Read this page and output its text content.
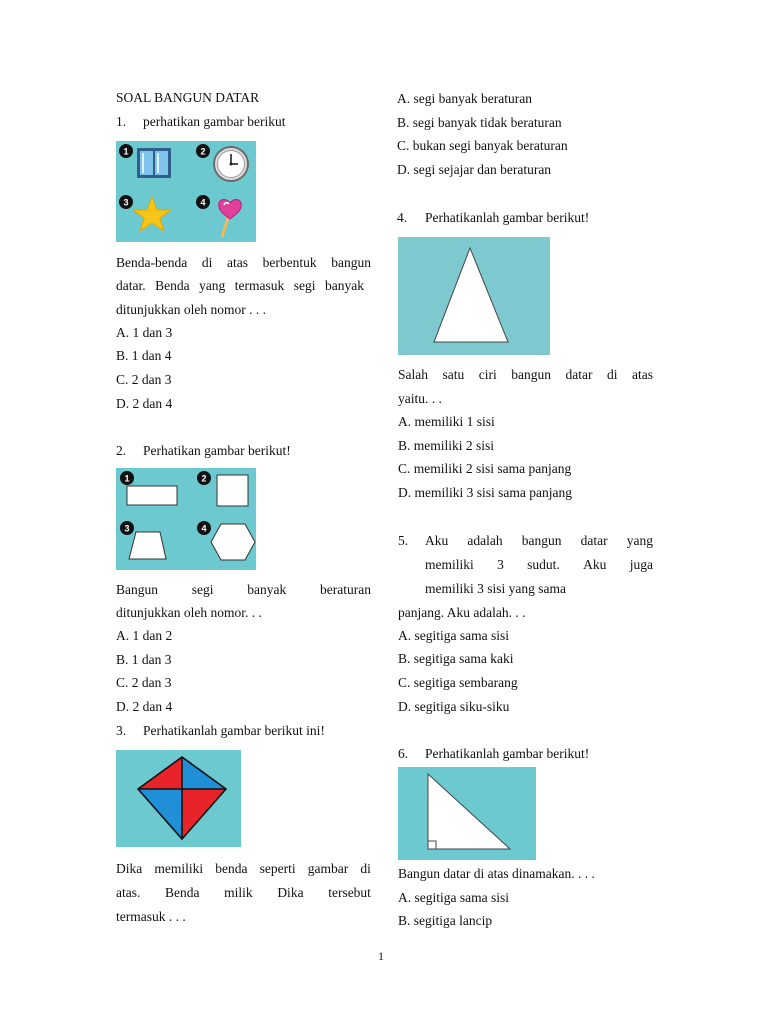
SOAL BANGUN DATAR
1. perhatikan gambar berikut
1	2
3	4
Benda-benda di atas berbentuk bangun
datar. Benda yang termasuk segi banyak
ditunjukkan oleh nomor . . .
A. 1 dan 3
B. 1 dan 4
C. 2 dan 3
D. 2 dan 4
2. Perhatikan gambar berikut!
1	2
3	4
Bangun	segi	banyak	beraturan
ditunjukkan oleh nomor. . .
A. 1 dan 2
B. 1 dan 3
C. 2 dan 3
D. 2 dan 4
3. Perhatikanlah gambar berikut ini!
Dika memiliki benda seperti gambar di
atas. Benda milik Dika tersebut
termasuk . . .
A. segi banyak beraturan
B. segi banyak tidak beraturan
C. bukan segi banyak beraturan
D. segi sejajar dan beraturan
4. Perhatikanlah gambar berikut!
Salah satu ciri bangun datar di atas
yaitu. . .
A. memiliki 1 sisi
B. memiliki 2 sisi
C. memiliki 2 sisi sama panjang
D. memiliki 3 sisi sama panjang
5. Aku adalah bangun datar yang
memiliki 3 sudut. Aku juga
memiliki 3 sisi yang sama
panjang. Aku adalah. . .
A. segitiga sama sisi
B. segitiga sama kaki
C. segitiga sembarang
D. segitiga siku-siku
6. Perhatikanlah gambar berikut!
Bangun datar di atas dinamakan. . . .
A. segitiga sama sisi
B. segitiga lancip
1
